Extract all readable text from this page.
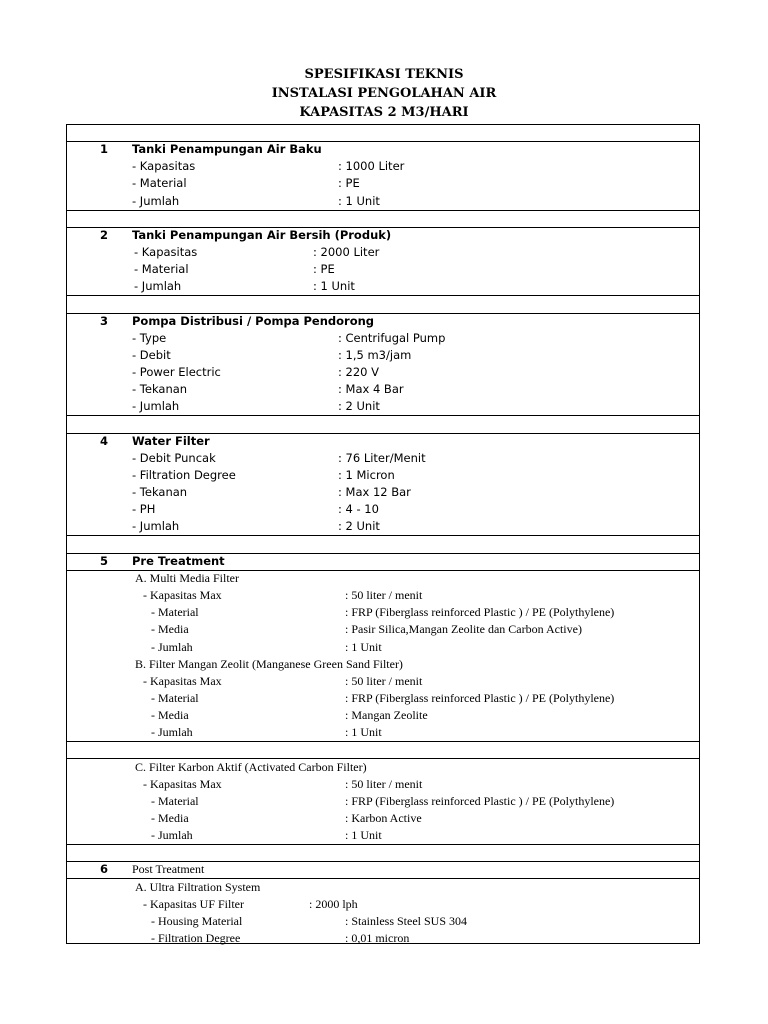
SPESIFIKASI TEKNIS
INSTALASI PENGOLAHAN AIR
KAPASITAS 2 M3/HARI
1 Tanki Penampungan Air Baku
- Kapasitas	: 1000 Liter
- Material	: PE
- Jumlah	: 1 Unit
2 Tanki Penampungan Air Bersih (Produk)
- Kapasitas	: 2000 Liter
- Material	: PE
- Jumlah	: 1 Unit
3 Pompa Distribusi / Pompa Pendorong
- Type	: Centrifugal Pump
- Debit	: 1,5 m3/jam
- Power Electric	: 220 V
- Tekanan	: Max 4 Bar
- Jumlah	: 2 Unit
4 Water Filter
- Debit Puncak	: 76 Liter/Menit
- Filtration Degree	: 1 Micron
- Tekanan	: Max 12 Bar
- PH	: 4 - 10
- Jumlah	: 2 Unit
5 Pre Treatment
A. Multi Media Filter
- Kapasitas Max	: 50 liter / menit
- Material	: FRP (Fiberglass reinforced Plastic ) / PE (Polythylene)
- Media	: Pasir Silica,Mangan Zeolite dan Carbon Active)
- Jumlah	: 1 Unit
B. Filter Mangan Zeolit (Manganese Green Sand Filter)
- Kapasitas Max	: 50 liter / menit
- Material	: FRP (Fiberglass reinforced Plastic ) / PE (Polythylene)
- Media	: Mangan Zeolite
- Jumlah	: 1 Unit
C. Filter Karbon Aktif (Activated Carbon Filter)
- Kapasitas Max	: 50 liter / menit
- Material	: FRP (Fiberglass reinforced Plastic ) / PE (Polythylene)
- Media	: Karbon Active
- Jumlah	: 1 Unit
6 Post Treatment
A. Ultra Filtration System
- Kapasitas UF Filter	: 2000 lph
- Housing Material	: Stainless Steel SUS 304
- Filtration Degree	: 0,01 micron
